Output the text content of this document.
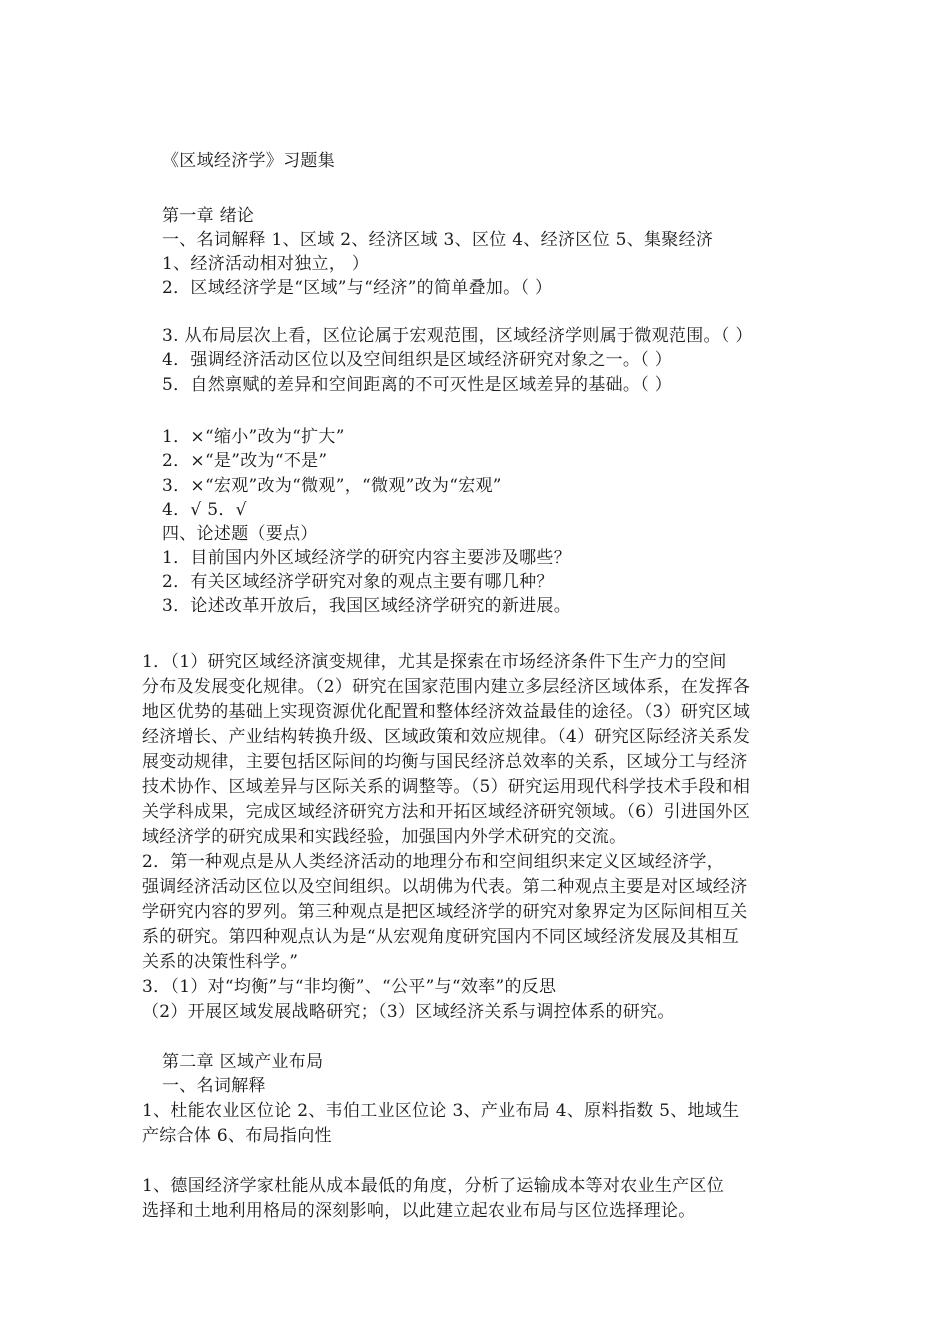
《区域经济学》习题集

第一章 绪论

一、名词解释 1、区域 2、经济区域 3、区位 4、经济区位 5、集聚经济

1、经济活动相对独立， ）

2．区域经济学是“区域”与“经济”的简单叠加。（ ）

3. 从布局层次上看，区位论属于宏观范围，区域经济学则属于微观范围。（ ）

4．强调经济活动区位以及空间组织是区域经济研究对象之一。（ ）

5．自然禀赋的差异和空间距离的不可灭性是区域差异的基础。（ ）

1．×“缩小”改为“扩大”

2．×“是”改为“不是”

3．×“宏观”改为“微观”，“微观”改为“宏观”

4．√ 5．√

四、论述题（要点）

1．目前国内外区域经济学的研究内容主要涉及哪些？

2．有关区域经济学研究对象的观点主要有哪几种？

3．论述改革开放后，我国区域经济学研究的新进展。

1．（1）研究区域经济演变规律，尤其是探索在市场经济条件下生产力的空间

分布及发展变化规律。（2）研究在国家范围内建立多层经济区域体系，在发挥各

地区优势的基础上实现资源优化配置和整体经济效益最佳的途径。（3）研究区域

经济增长、产业结构转换升级、区域政策和效应规律。（4）研究区际经济关系发

展变动规律，主要包括区际间的均衡与国民经济总效率的关系，区域分工与经济

技术协作、区域差异与区际关系的调整等。（5）研究运用现代科学技术手段和相

关学科成果，完成区域经济研究方法和开拓区域经济研究领域。（6）引进国外区

域经济学的研究成果和实践经验，加强国内外学术研究的交流。

2．第一种观点是从人类经济活动的地理分布和空间组织来定义区域经济学，

强调经济活动区位以及空间组织。以胡佛为代表。第二种观点主要是对区域经济

学研究内容的罗列。第三种观点是把区域经济学的研究对象界定为区际间相互关

系的研究。第四种观点认为是“从宏观角度研究国内不同区域经济发展及其相互

关系的决策性科学。”

3．（1）对“均衡”与“非均衡”、“公平”与“效率”的反思

（2）开展区域发展战略研究；（3）区域经济关系与调控体系的研究。

第二章 区域产业布局

一、名词解释

1、杜能农业区位论 2、韦伯工业区位论 3、产业布局 4、原料指数 5、地域生

产综合体 6、布局指向性

1、德国经济学家杜能从成本最低的角度，分析了运输成本等对农业生产区位

选择和土地利用格局的深刻影响，以此建立起农业布局与区位选择理论。
